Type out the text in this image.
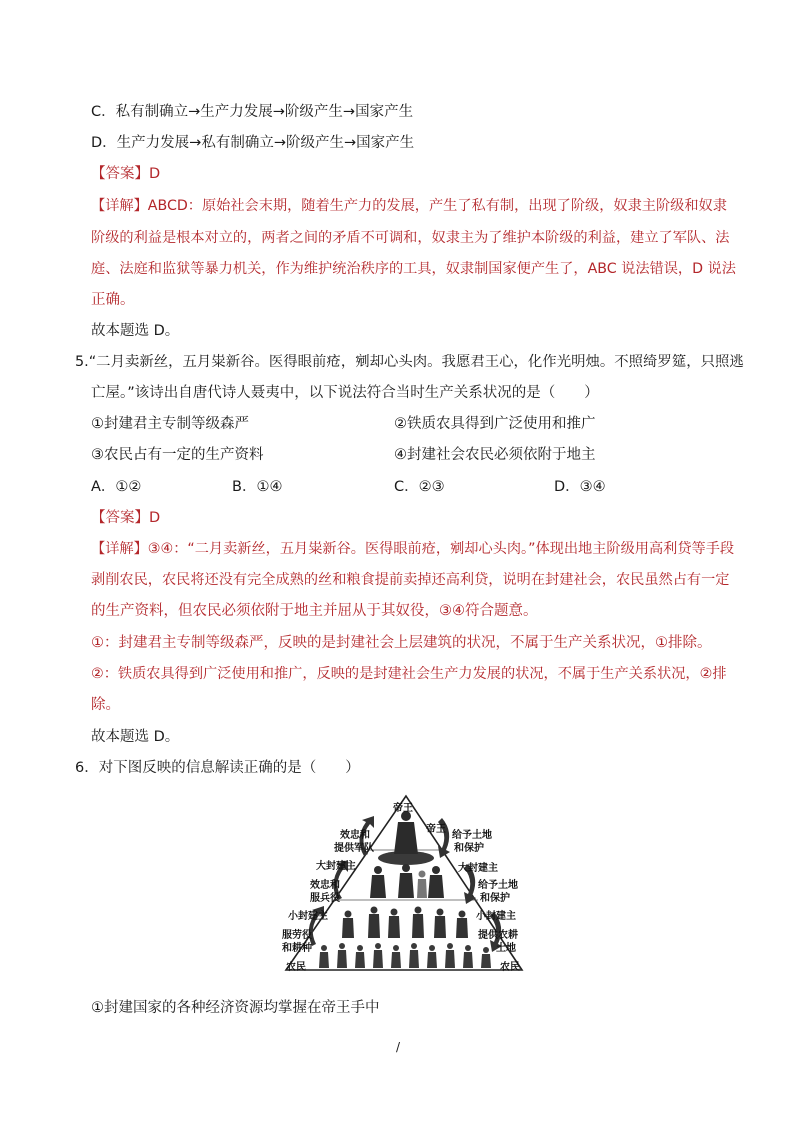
C．私有制确立→生产力发展→阶级产生→国家产生
D．生产力发展→私有制确立→阶级产生→国家产生
【答案】D
【详解】ABCD：原始社会末期，随着生产力的发展，产生了私有制，出现了阶级，奴隶主阶级和奴隶
阶级的利益是根本对立的，两者之间的矛盾不可调和，奴隶主为了维护本阶级的利益，建立了军队、法
庭、法庭和监狱等暴力机关，作为维护统治秩序的工具，奴隶制国家便产生了，ABC 说法错误，D 说法
正确。
故本题选 D。
5.“二月卖新丝，五月粜新谷。医得眼前疮，剜却心头肉。我愿君王心，化作光明烛。不照绮罗筵，只照逃
亡屋。”该诗出自唐代诗人聂夷中，以下说法符合当时生产关系状况的是（　　）
①封建君主专制等级森严	②铁质农具得到广泛使用和推广
③农民占有一定的生产资料	④封建社会农民必须依附于地主
A．①②	B．①④	C．②③	D．③④
【答案】D
【详解】③④：“二月卖新丝，五月粜新谷。医得眼前疮，剜却心头肉。”体现出地主阶级用高利贷等手段
剥削农民，农民将还没有完全成熟的丝和粮食提前卖掉还高利贷，说明在封建社会，农民虽然占有一定
的生产资料，但农民必须依附于地主并屈从于其奴役，③④符合题意。
①：封建君主专制等级森严，反映的是封建社会上层建筑的状况，不属于生产关系状况，①排除。
②：铁质农具得到广泛使用和推广，反映的是封建社会生产力发展的状况，不属于生产关系状况，②排
除。
故本题选 D。
6．对下图反映的信息解读正确的是（　　）
帝王
效忠和
提供军队
大封建主
效忠和
服兵役
小封建主
服劳役
和耕种
农民
帝王
给予土地
和保护
大封建主
给予土地
和保护
小封建主
提供农耕
土地
农民
①封建国家的各种经济资源均掌握在帝王手中
/
